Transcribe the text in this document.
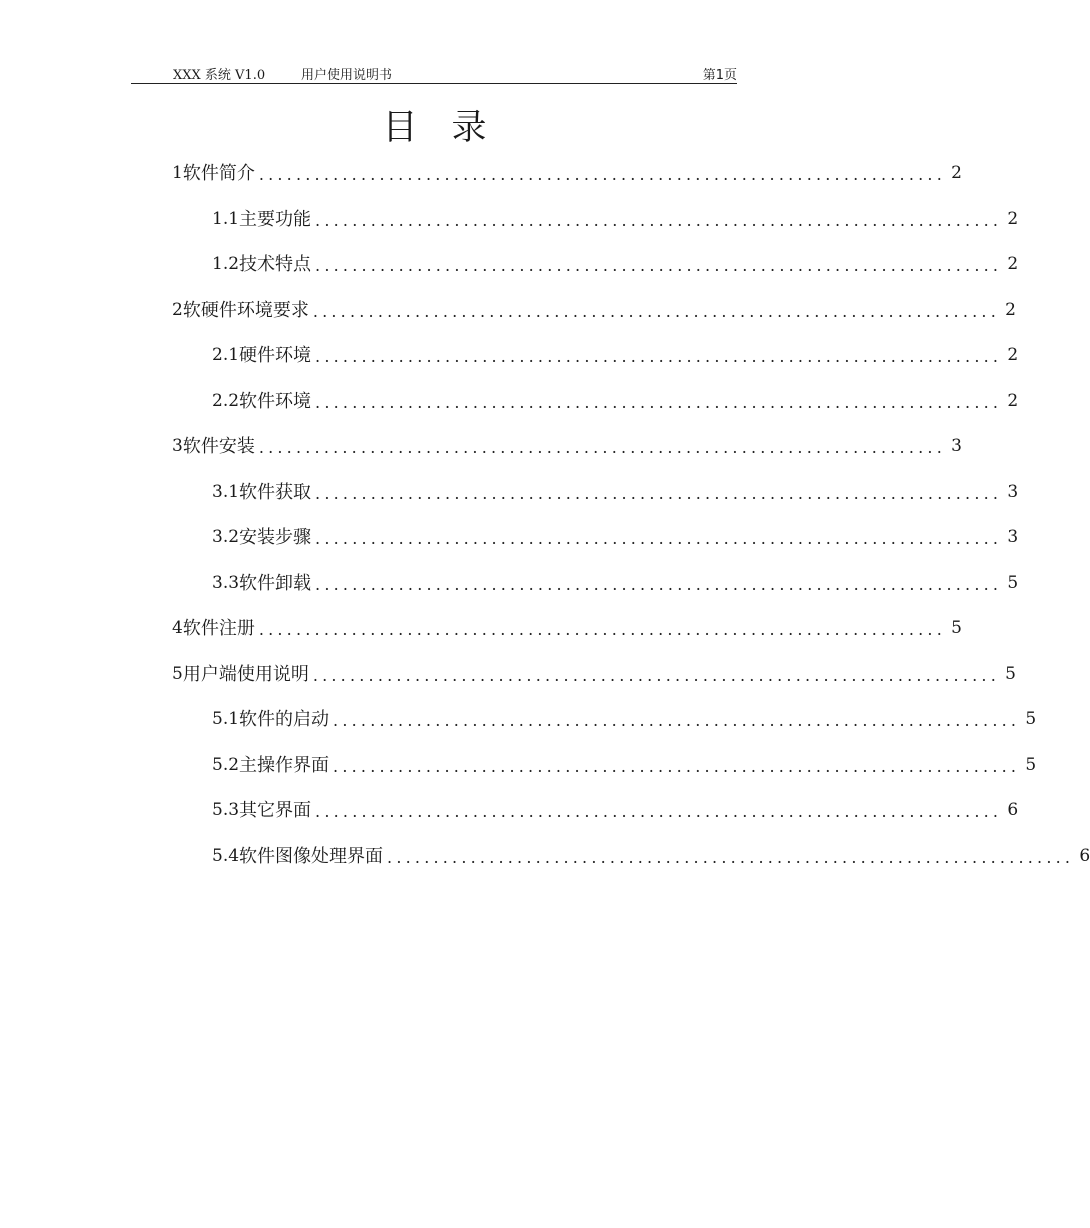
XXX 系统 V1.0	用户使用说明书	第1页
目录
1 软件简介 .......................................................................... 2
1.1 主要功能 .......................................................................... 2
1.2 技术特点 .......................................................................... 2
2 软硬件环境要求 .......................................................................... 2
2.1 硬件环境 .......................................................................... 2
2.2 软件环境 .......................................................................... 2
3 软件安装 .......................................................................... 3
3.1 软件获取 .......................................................................... 3
3.2 安装步骤 .......................................................................... 3
3.3 软件卸载 .......................................................................... 5
4 软件注册 .......................................................................... 5
5 用户端使用说明 .......................................................................... 5
5.1 软件的启动 .......................................................................... 5
5.2 主操作界面 .......................................................................... 5
5.3 其它界面 .......................................................................... 6
5.4 软件图像处理界面 .......................................................................... 6
